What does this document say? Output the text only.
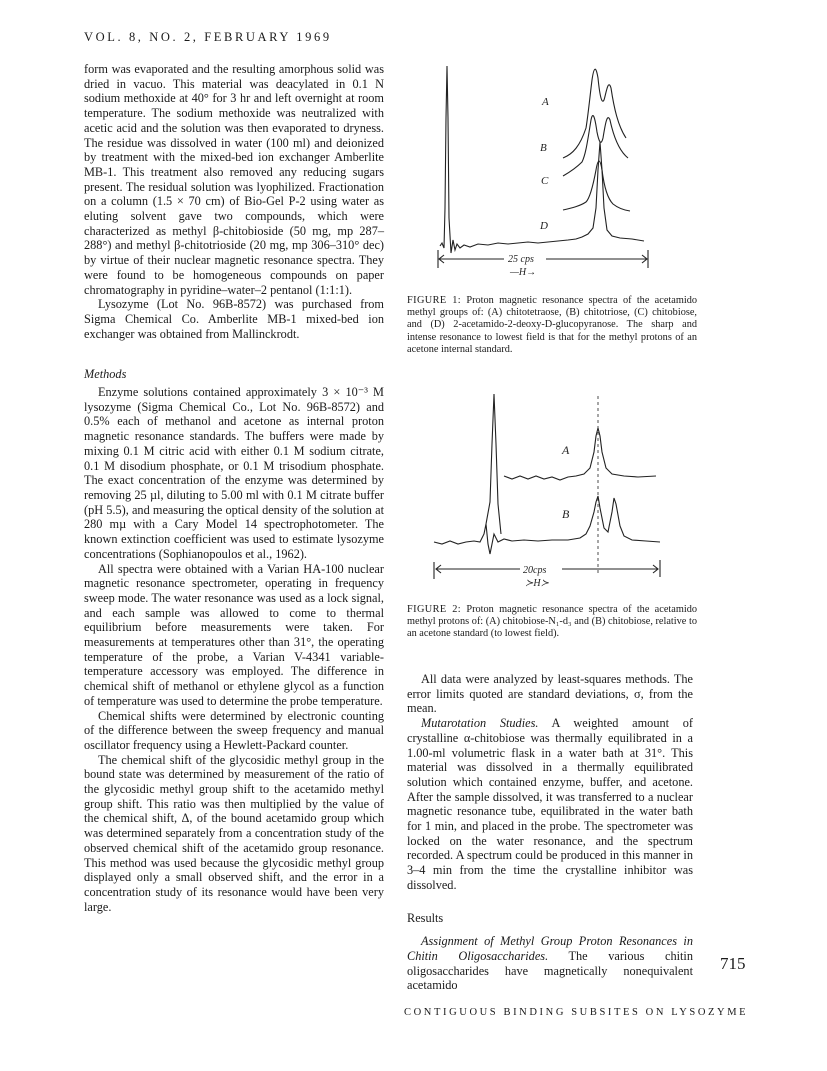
VOL. 8, NO. 2, FEBRUARY 1969

form was evaporated and the resulting amorphous solid was dried in vacuo. This material was deacylated in 0.1 N sodium methoxide at 40° for 3 hr and left overnight at room temperature. The sodium methoxide was neutralized with acetic acid and the solution was then evaporated to dryness. The residue was dissolved in water (100 ml) and deionized by treatment with the mixed-bed ion exchanger Amberlite MB-1. This treatment also removed any reducing sugars present. The residual solution was lyophilized. Fractionation on a column (1.5 × 70 cm) of Bio-Gel P-2 using water as eluting solvent gave two compounds, which were characterized as methyl β-chitobioside (50 mg, mp 287–288°) and methyl β-chitotrioside (20 mg, mp 306–310° dec) by virtue of their nuclear magnetic resonance spectra. They were found to be homogeneous compounds on paper chromatography in pyridine–water–2 pentanol (1:1:1).

Lysozyme (Lot No. 96B-8572) was purchased from Sigma Chemical Co. Amberlite MB-1 mixed-bed ion exchanger was obtained from Mallinckrodt.

Methods

Enzyme solutions contained approximately 3 × 10⁻³ M lysozyme (Sigma Chemical Co., Lot No. 96B-8572) and 0.5% each of methanol and acetone as internal proton magnetic resonance standards. The buffers were made by mixing 0.1 M citric acid with either 0.1 M sodium citrate, 0.1 M disodium phosphate, or 0.1 M trisodium phosphate. The exact concentration of the enzyme was determined by removing 25 µl, diluting to 5.00 ml with 0.1 M citrate buffer (pH 5.5), and measuring the optical density of the solution at 280 mµ with a Cary Model 14 spectrophotometer. The known extinction coefficient was used to estimate lysozyme concentrations (Sophianopoulos et al., 1962).

All spectra were obtained with a Varian HA-100 nuclear magnetic resonance spectrometer, operating in frequency sweep mode. The water resonance was used as a lock signal, and each sample was allowed to come to thermal equilibrium before measurements were taken. For measurements at temperatures other than 31°, the operating temperature of the probe, a Varian V-4341 variable-temperature accessory was employed. The difference in chemical shift of methanol or ethylene glycol as a function of temperature was used to determine the probe temperature.

Chemical shifts were determined by electronic counting of the difference between the sweep frequency and manual oscillator frequency using a Hewlett-Packard counter.

The chemical shift of the glycosidic methyl group in the bound state was determined by measurement of the ratio of the glycosidic methyl group shift to the acetamido methyl group shift. This ratio was then multiplied by the value of the chemical shift, Δ, of the bound acetamido group which was determined separately from a concentration study of the observed chemical shift of the acetamido group resonance. This method was used because the glycosidic methyl group displayed only a small observed shift, and the error in a concentration study of its resonance would have been very large.

A
B
C
D
25 cps
—H→
FIGURE 1: Proton magnetic resonance spectra of the acetamido methyl groups of: (A) chitotetraose, (B) chitotriose, (C) chitobiose, and (D) 2-acetamido-2-deoxy-D-glucopyranose. The sharp and intense resonance to lowest field is that for the methyl protons of an acetone internal standard.
A
B
20cps
≻H≻
FIGURE 2: Proton magnetic resonance spectra of the acetamido methyl protons of: (A) chitobiose-N₁-d₃ and (B) chitobiose, relative to an acetone standard (to lowest field).

All data were analyzed by least-squares methods. The error limits quoted are standard deviations, σ, from the mean.

Mutarotation Studies. A weighted amount of crystalline α-chitobiose was thermally equilibrated in a 1.00-ml volumetric flask in a water bath at 31°. This material was dissolved in a thermally equilibrated solution which contained enzyme, buffer, and acetone. After the sample dissolved, it was transferred to a nuclear magnetic resonance tube, equilibrated in the water bath for 1 min, and placed in the probe. The spectrometer was locked on the water resonance, and the spectrum recorded. A spectrum could be produced in this manner in 3–4 min from the time the crystalline inhibitor was dissolved.

Results

Assignment of Methyl Group Proton Resonances in Chitin Oligosaccharides. The various chitin oligosaccharides have magnetically nonequivalent acetamido

715
CONTIGUOUS BINDING SUBSITES ON LYSOZYME
